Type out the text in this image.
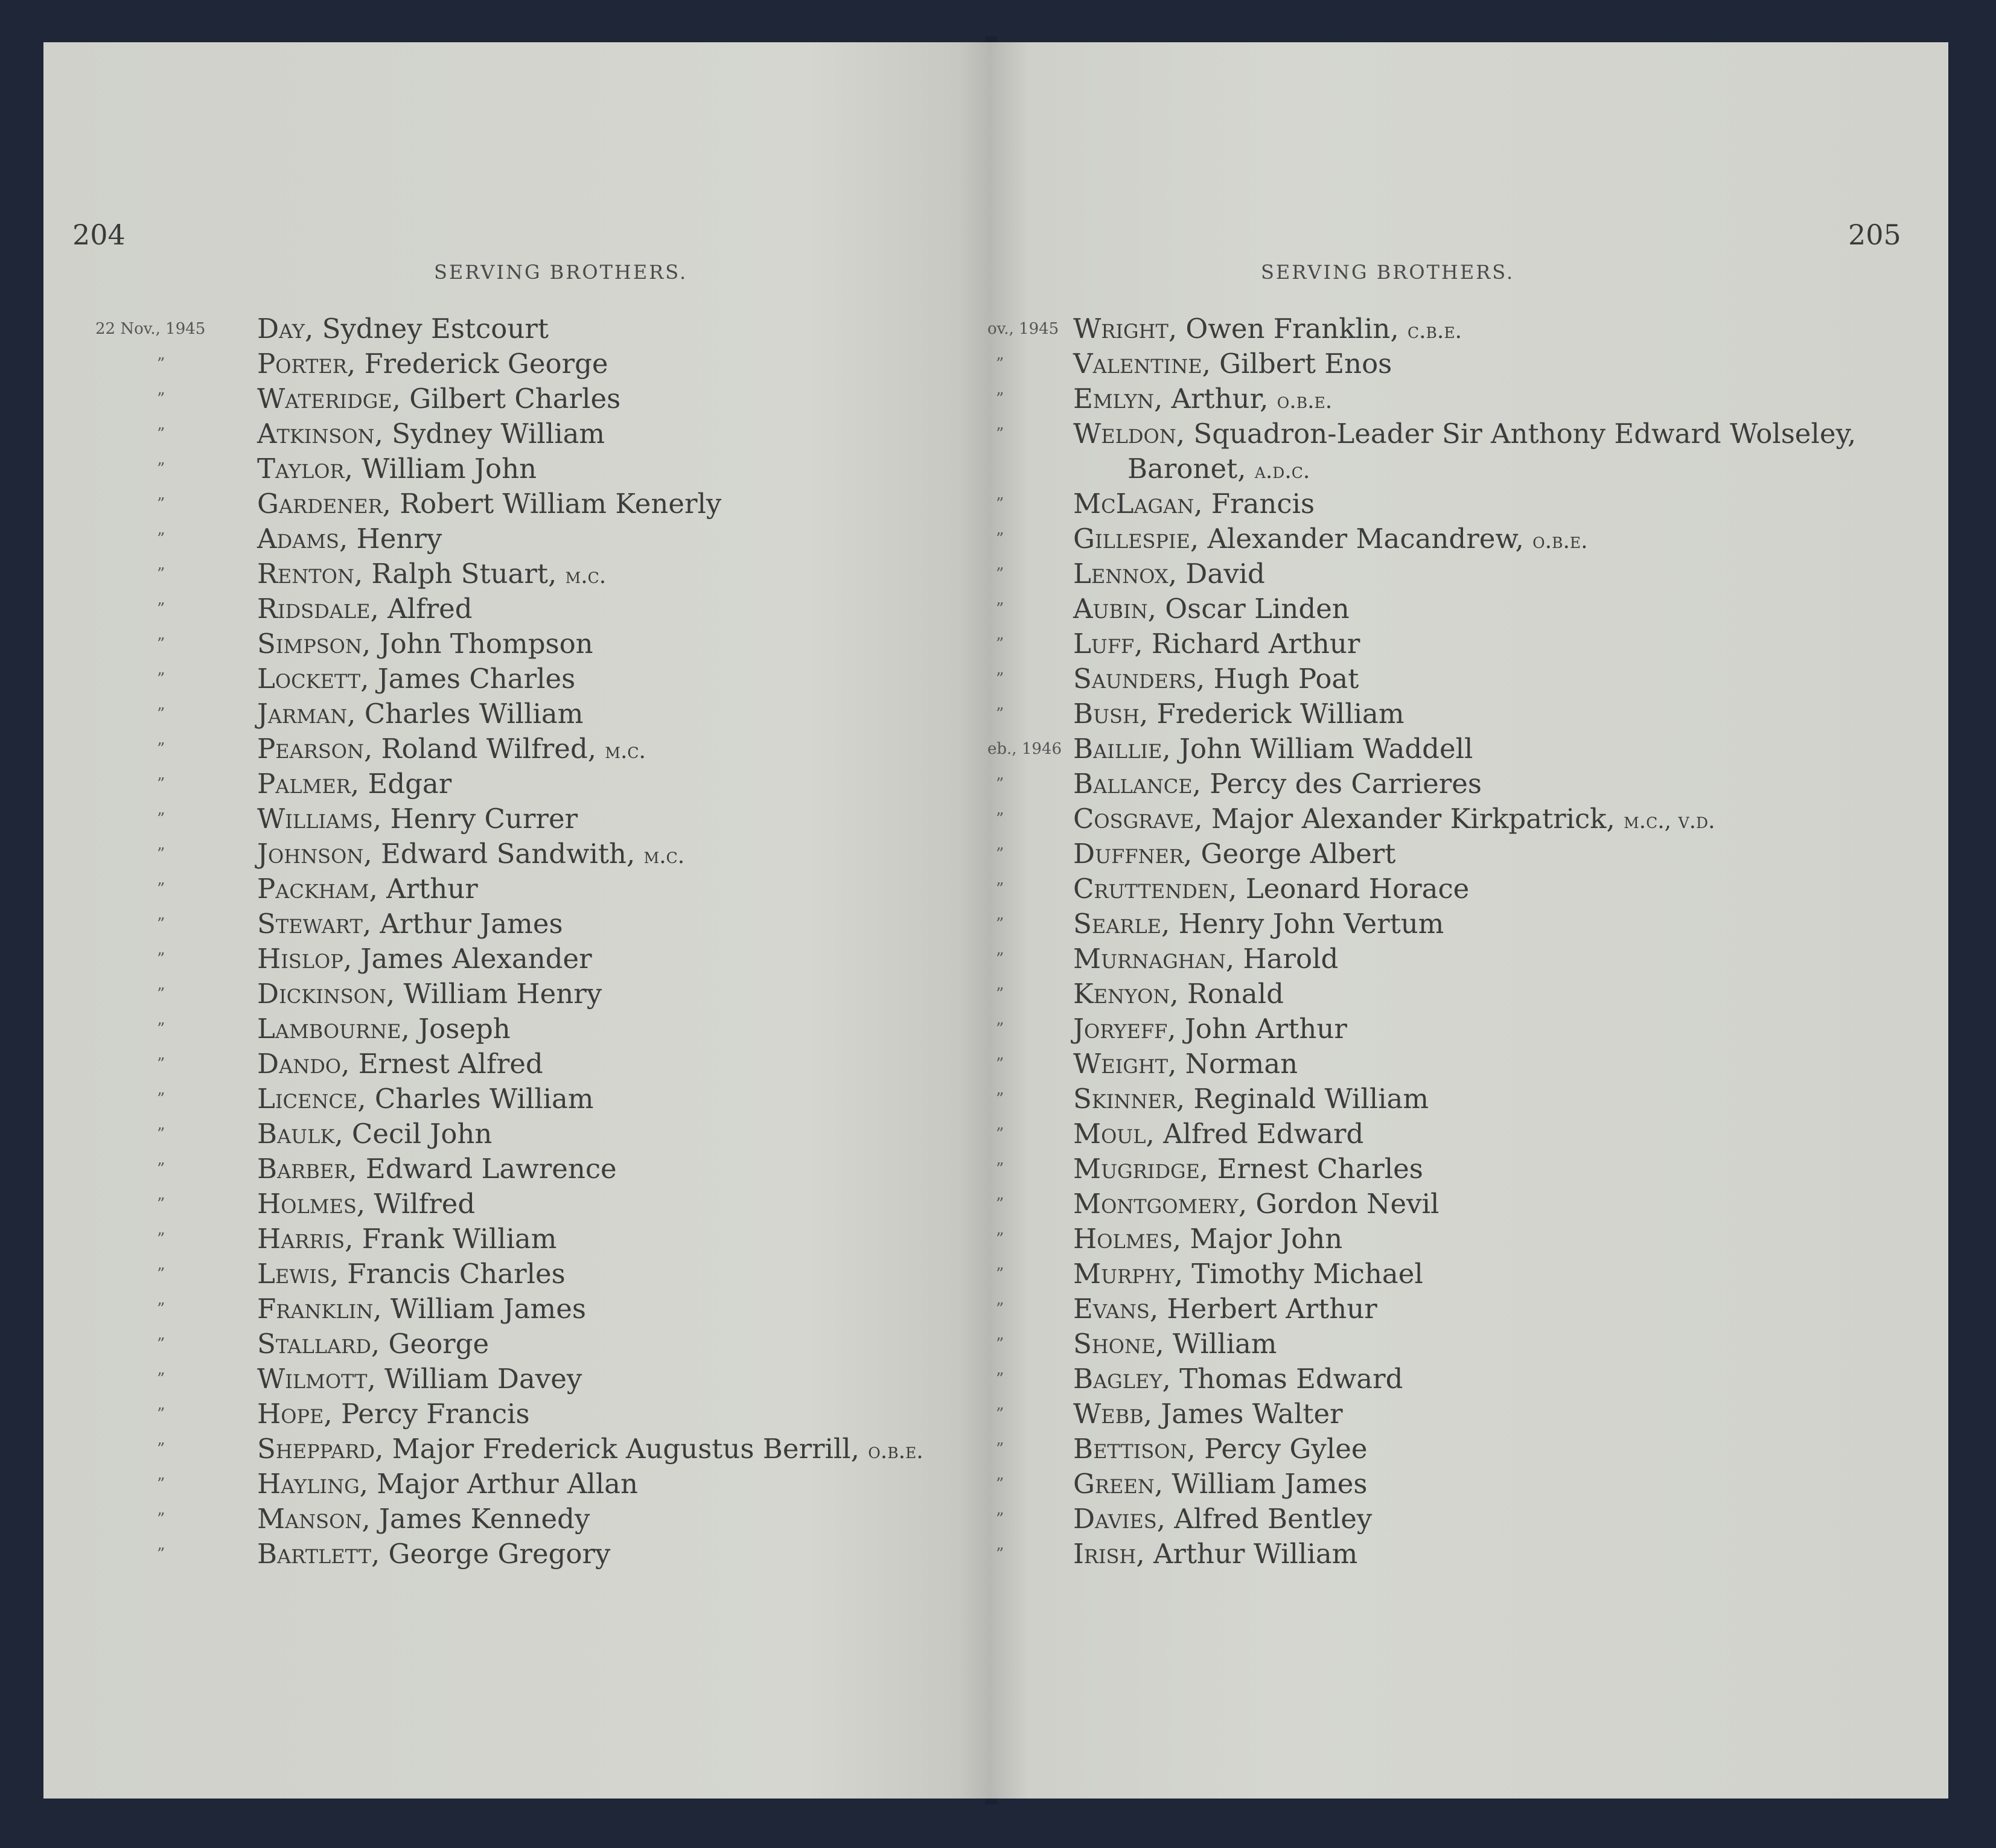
204
SERVING BROTHERS.
22 Nov., 1945 Day, Sydney Estcourt
”	Porter, Frederick George
”	Wateridge, Gilbert Charles
”	Atkinson, Sydney William
”	Taylor, William John
”	Gardener, Robert William Kenerly
”	Adams, Henry
”	Renton, Ralph Stuart, m.c.
”	Ridsdale, Alfred
”	Simpson, John Thompson
”	Lockett, James Charles
”	Jarman, Charles William
”	Pearson, Roland Wilfred, m.c.
”	Palmer, Edgar
”	Williams, Henry Currer
”	Johnson, Edward Sandwith, m.c.
”	Packham, Arthur
”	Stewart, Arthur James
”	Hislop, James Alexander
”	Dickinson, William Henry
”	Lambourne, Joseph
”	Dando, Ernest Alfred
”	Licence, Charles William
”	Baulk, Cecil John
”	Barber, Edward Lawrence
”	Holmes, Wilfred
”	Harris, Frank William
”	Lewis, Francis Charles
”	Franklin, William James
”	Stallard, George
”	Wilmott, William Davey
”	Hope, Percy Francis
”	Sheppard, Major Frederick Augustus Berrill, o.b.e.
”	Hayling, Major Arthur Allan
”	Manson, James Kennedy
”	Bartlett, George Gregory
SERVING BROTHERS.
205
ov., 1945 Wright, Owen Franklin, c.b.e.
”	Valentine, Gilbert Enos
”	Emlyn, Arthur, o.b.e.
”	Weldon, Squadron-Leader Sir Anthony Edward Wolseley,
Baronet, a.d.c.
”	McLagan, Francis
”	Gillespie, Alexander Macandrew, o.b.e.
”	Lennox, David
”	Aubin, Oscar Linden
”	Luff, Richard Arthur
”	Saunders, Hugh Poat
”	Bush, Frederick William
eb., 1946 Baillie, John William Waddell
”	Ballance, Percy des Carrieres
”	Cosgrave, Major Alexander Kirkpatrick, m.c., v.d.
”	Duffner, George Albert
”	Cruttenden, Leonard Horace
”	Searle, Henry John Vertum
”	Murnaghan, Harold
”	Kenyon, Ronald
”	Joryeff, John Arthur
”	Weight, Norman
”	Skinner, Reginald William
”	Moul, Alfred Edward
”	Mugridge, Ernest Charles
”	Montgomery, Gordon Nevil
”	Holmes, Major John
”	Murphy, Timothy Michael
”	Evans, Herbert Arthur
”	Shone, William
”	Bagley, Thomas Edward
”	Webb, James Walter
”	Bettison, Percy Gylee
”	Green, William James
”	Davies, Alfred Bentley
”	Irish, Arthur William
